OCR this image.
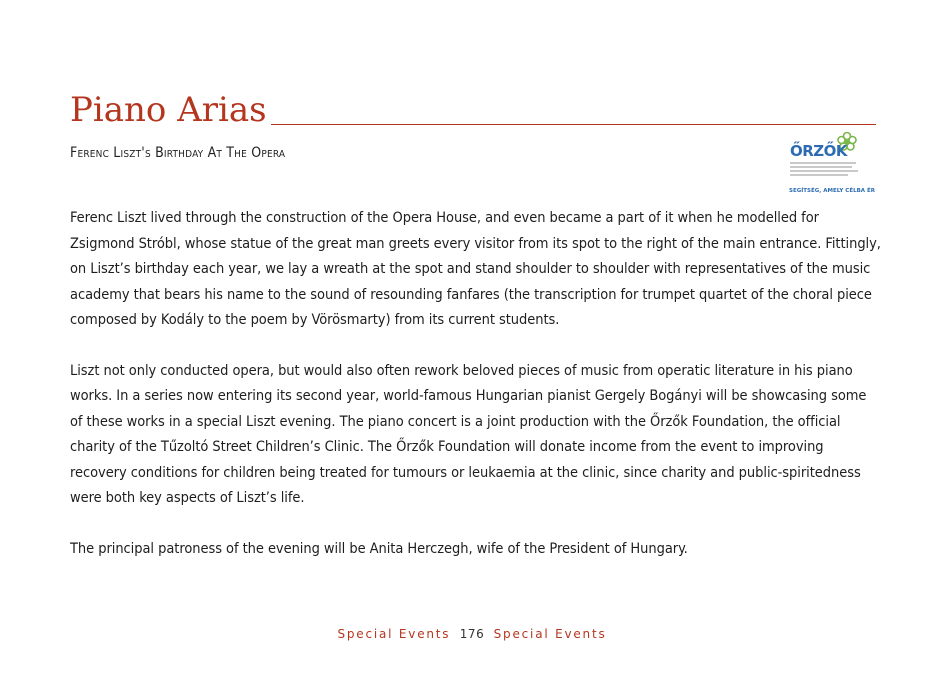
Piano Arias
Ferenc Liszt's Birthday At The Opera	ŐRZŐK
SEGÍTSÉG, AMELY CÉLBA ÉR

Ferenc Liszt lived through the construction of the Opera House, and even became a part of it when he modelled for Zsigmond Stróbl, whose statue of the great man greets every visitor from its spot to the right of the main entrance. Fittingly, on Liszt’s birthday each year, we lay a wreath at the spot and stand shoulder to shoulder with representatives of the music academy that bears his name to the sound of resounding fanfares (the transcription for trumpet quartet of the choral piece composed by Kodály to the poem by Vörösmarty) from its current students.

Liszt not only conducted opera, but would also often rework beloved pieces of music from operatic literature in his piano works. In a series now entering its second year, world-famous Hungarian pianist Gergely Bogányi will be showcasing some of these works in a special Liszt evening. The piano concert is a joint production with the Őrzők Foundation, the official charity of the Tűzoltó Street Children’s Clinic. The Őrzők Foundation will donate income from the event to improving recovery conditions for children being treated for tumours or leukaemia at the clinic, since charity and public-spiritedness were both key aspects of Liszt’s life.

The principal patroness of the evening will be Anita Herczegh, wife of the President of Hungary.

Special Events 176 Special Events
